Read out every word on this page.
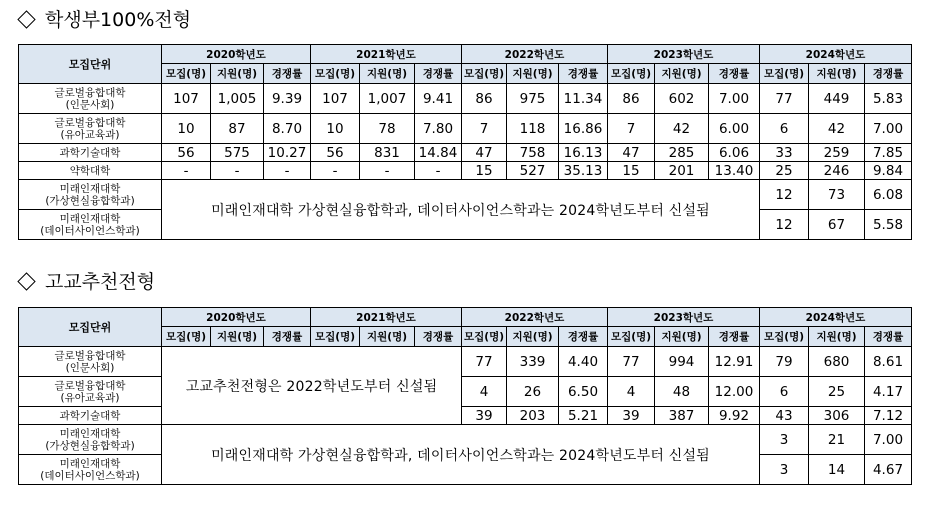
학생부100%전형
모집단위	2020학년도			2021학년도			2022학년도			2023학년도			2024학년도		
	모집(명)	지원(명)	경쟁률	모집(명)	지원(명)	경쟁률	모집(명)	지원(명)	경쟁률	모집(명)	지원(명)	경쟁률	모집(명)	지원(명)	경쟁률

글로벌융합대학
(인문사회)	107	1,005	9.39	107	1,007	9.41	86	975	11.34	86	602	7.00	77	449	5.83

글로벌융합대학
(유아교육과)	10	87	8.70	10	78	7.80	7	118	16.86	7	42	6.00	6	42	7.00
과학기술대학	56	575	10.27	56	831	14.84	47	758	16.13	47	285	6.06	33	259	7.85
약학대학	-	-	-	-	-	-	15	527	35.13	15	201	13.40	25	246	9.84

미래인재대학
(가상현실융합학과)	미래인재대학 가상현실융합학과, 데이터사이언스학과는 2024학년도부터 신설됨												12	73	6.08

미래인재대학
(데이터사이언스학과)													12	67	5.58
고교추천전형
모집단위	2020학년도			2021학년도			2022학년도			2023학년도			2024학년도		
	모집(명)	지원(명)	경쟁률	모집(명)	지원(명)	경쟁률	모집(명)	지원(명)	경쟁률	모집(명)	지원(명)	경쟁률	모집(명)	지원(명)	경쟁률

글로벌융합대학
(인문사회)	고교추천전형은 2022학년도부터 신설됨						77	339	4.40	77	994	12.91	79	680	8.61

글로벌융합대학
(유아교육과)							4	26	6.50	4	48	12.00	6	25	4.17
과학기술대학							39	203	5.21	39	387	9.92	43	306	7.12

미래인재대학
(가상현실융합학과)	미래인재대학 가상현실융합학과, 데이터사이언스학과는 2024학년도부터 신설됨												3	21	7.00

미래인재대학
(데이터사이언스학과)													3	14	4.67
